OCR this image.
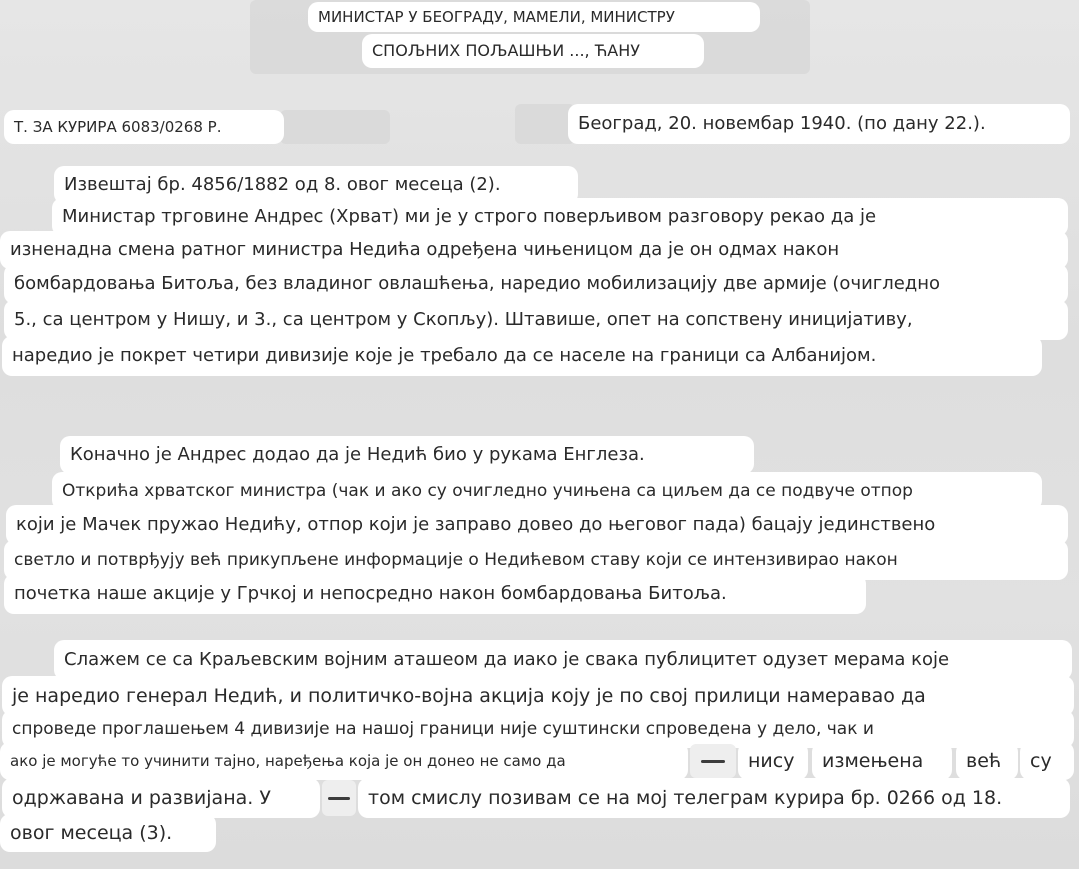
МИНИСТАР У БЕОГРАДУ, МАМЕЛИ, МИНИСТРУ
СПОЉНИХ ПОЉАШЊИ ..., ЋАНУ
Т. ЗА КУРИРА 6083/0268 Р.	Београд, 20. новембар 1940. (по дану 22.).
Извештај бр. 4856/1882 од 8. овог месеца (2).
Министар трговине Андрес (Хрват) ми је у строго поверљивом разговору рекао да је
изненадна смена ратног министра Недића одређена чињеницом да је он одмах након
бомбардовања Битоља, без владиног овлашћења, наредио мобилизацију две армије (очигледно
5., са центром у Нишу, и 3., са центром у Скопљу). Штавише, опет на сопствену иницијативу,
наредио је покрет четири дивизије које је требало да се населе на граници са Албанијом.
Коначно је Андрес додао да је Недић био у рукама Енглеза.
Открића хрватског министра (чак и ако су очигледно учињена са циљем да се подвуче отпор
који је Мачек пружао Недићу, отпор који је заправо довео до његовог пада) бацају јединствено
светло и потврђују већ прикупљене информације о Недићевом ставу који се интензивирао након
почетка наше акције у Грчкој и непосредно након бомбардовања Битоља.
Слажем се са Краљевским војним аташеом да иако је свака публицитет одузет мерама које
је наредио генерал Недић, и политичко-војна акција коју је по свој прилици намеравао да
спроведе проглашењем 4 дивизије на нашој граници није суштински спроведена у дело, чак и
ако је могуће то учинити тајно, наређења која је он донео не само да	нису	измењена	већ	су
одржавана и развијана. У	том смислу позивам се на мој телеграм курира бр. 0266 од 18.
овог месеца (3).
